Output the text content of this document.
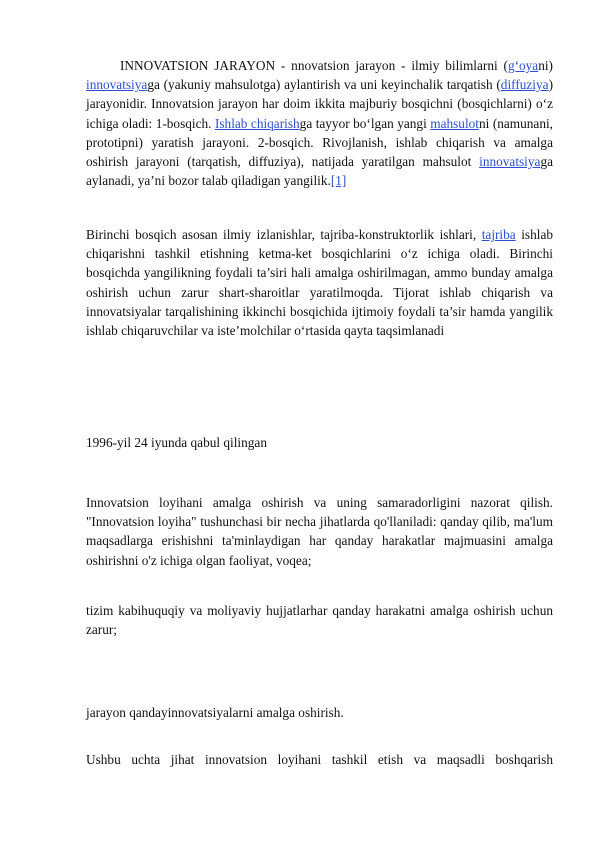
INNOVATSION JARAYON - nnovatsion jarayon - ilmiy bilimlarni (g‘oyani) innovatsiyaga (yakuniy mahsulotga) aylantirish va uni keyinchalik tarqatish (diffuziya) jarayonidir. Innovatsion jarayon har doim ikkita majburiy bosqichni (bosqichlarni) o‘z ichiga oladi: 1-bosqich. Ishlab chiqarishga tayyor bo‘lgan yangi mahsulotni (namunani, prototipni) yaratish jarayoni. 2-bosqich. Rivojlanish, ishlab chiqarish va amalga oshirish jarayoni (tarqatish, diffuziya), natijada yaratilgan mahsulot innovatsiyaga aylanadi, ya’ni bozor talab qiladigan yangilik.[1]

Birinchi bosqich asosan ilmiy izlanishlar, tajriba-konstruktorlik ishlari, tajriba ishlab chiqarishni tashkil etishning ketma-ket bosqichlarini o‘z ichiga oladi. Birinchi bosqichda yangilikning foydali ta’siri hali amalga oshirilmagan, ammo bunday amalga oshirish uchun zarur shart-sharoitlar yaratilmoqda. Tijorat ishlab chiqarish va innovatsiyalar tarqalishining ikkinchi bosqichida ijtimoiy foydali ta’sir hamda yangilik ishlab chiqaruvchilar va iste’molchilar o‘rtasida qayta taqsimlanadi

1996-yil 24 iyunda qabul qilingan

Innovatsion loyihani amalga oshirish va uning samaradorligini nazorat qilish. "Innovatsion loyiha" tushunchasi bir necha jihatlarda qo'llaniladi: qanday qilib, ma'lum maqsadlarga erishishni ta'minlaydigan har qanday harakatlar majmuasini amalga oshirishni o'z ichiga olgan faoliyat, voqea;

tizim kabihuquqiy va moliyaviy hujjatlarhar qanday harakatni amalga oshirish uchun zarur;

jarayon qandayinnovatsiyalarni amalga oshirish.

Ushbu uchta jihat innovatsion loyihani tashkil etish va maqsadli boshqarish
